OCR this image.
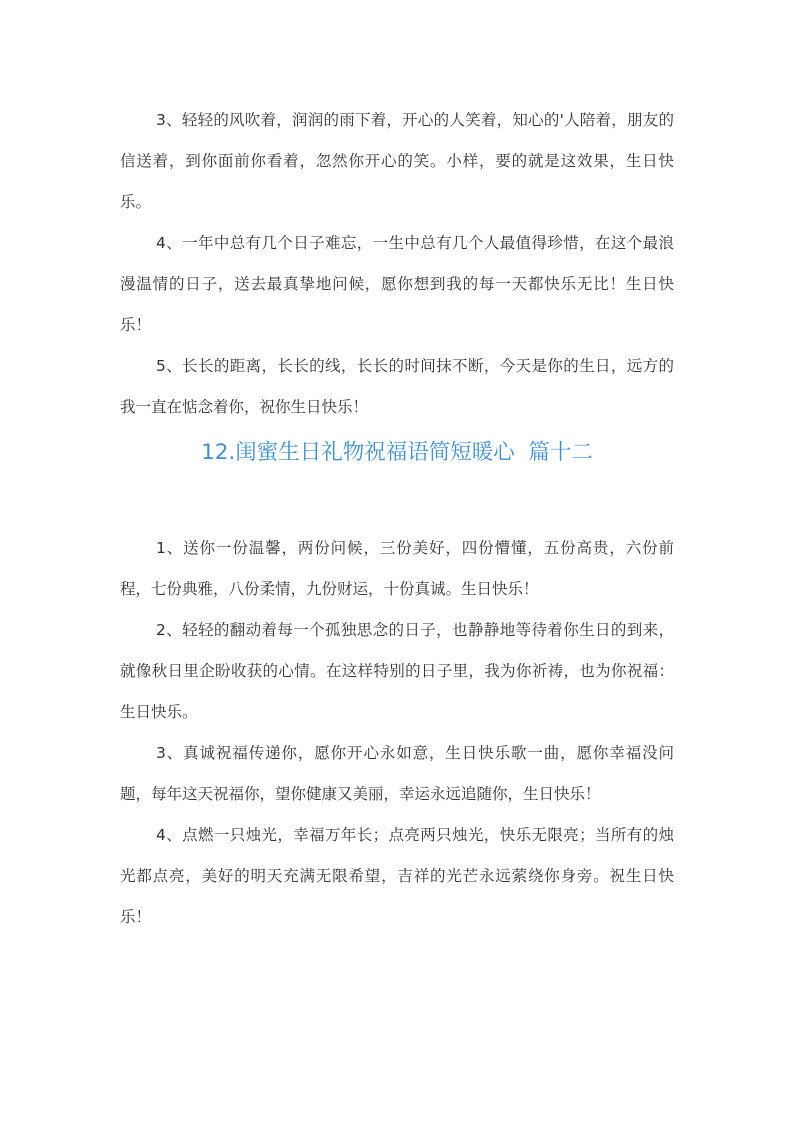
3、轻轻的风吹着，润润的雨下着，开心的人笑着，知心的'人陪着，朋友的信送着，到你面前你看着，忽然你开心的笑。小样，要的就是这效果，生日快乐。

4、一年中总有几个日子难忘，一生中总有几个人最值得珍惜，在这个最浪漫温情的日子，送去最真挚地问候，愿你想到我的每一天都快乐无比！生日快乐！

5、长长的距离，长长的线，长长的时间抹不断，今天是你的生日，远方的我一直在惦念着你，祝你生日快乐！

12.闺蜜生日礼物祝福语简短暖心  篇十二

1、送你一份温馨，两份问候，三份美好，四份懵懂，五份高贵，六份前程，七份典雅，八份柔情，九份财运，十份真诚。生日快乐！

2、轻轻的翻动着每一个孤独思念的日子，也静静地等待着你生日的到来，就像秋日里企盼收获的心情。在这样特别的日子里，我为你祈祷，也为你祝福：生日快乐。

3、真诚祝福传递你，愿你开心永如意，生日快乐歌一曲，愿你幸福没问题，每年这天祝福你，望你健康又美丽，幸运永远追随你，生日快乐！

4、点燃一只烛光，幸福万年长；点亮两只烛光，快乐无限亮；当所有的烛光都点亮，美好的明天充满无限希望，吉祥的光芒永远萦绕你身旁。祝生日快乐！
